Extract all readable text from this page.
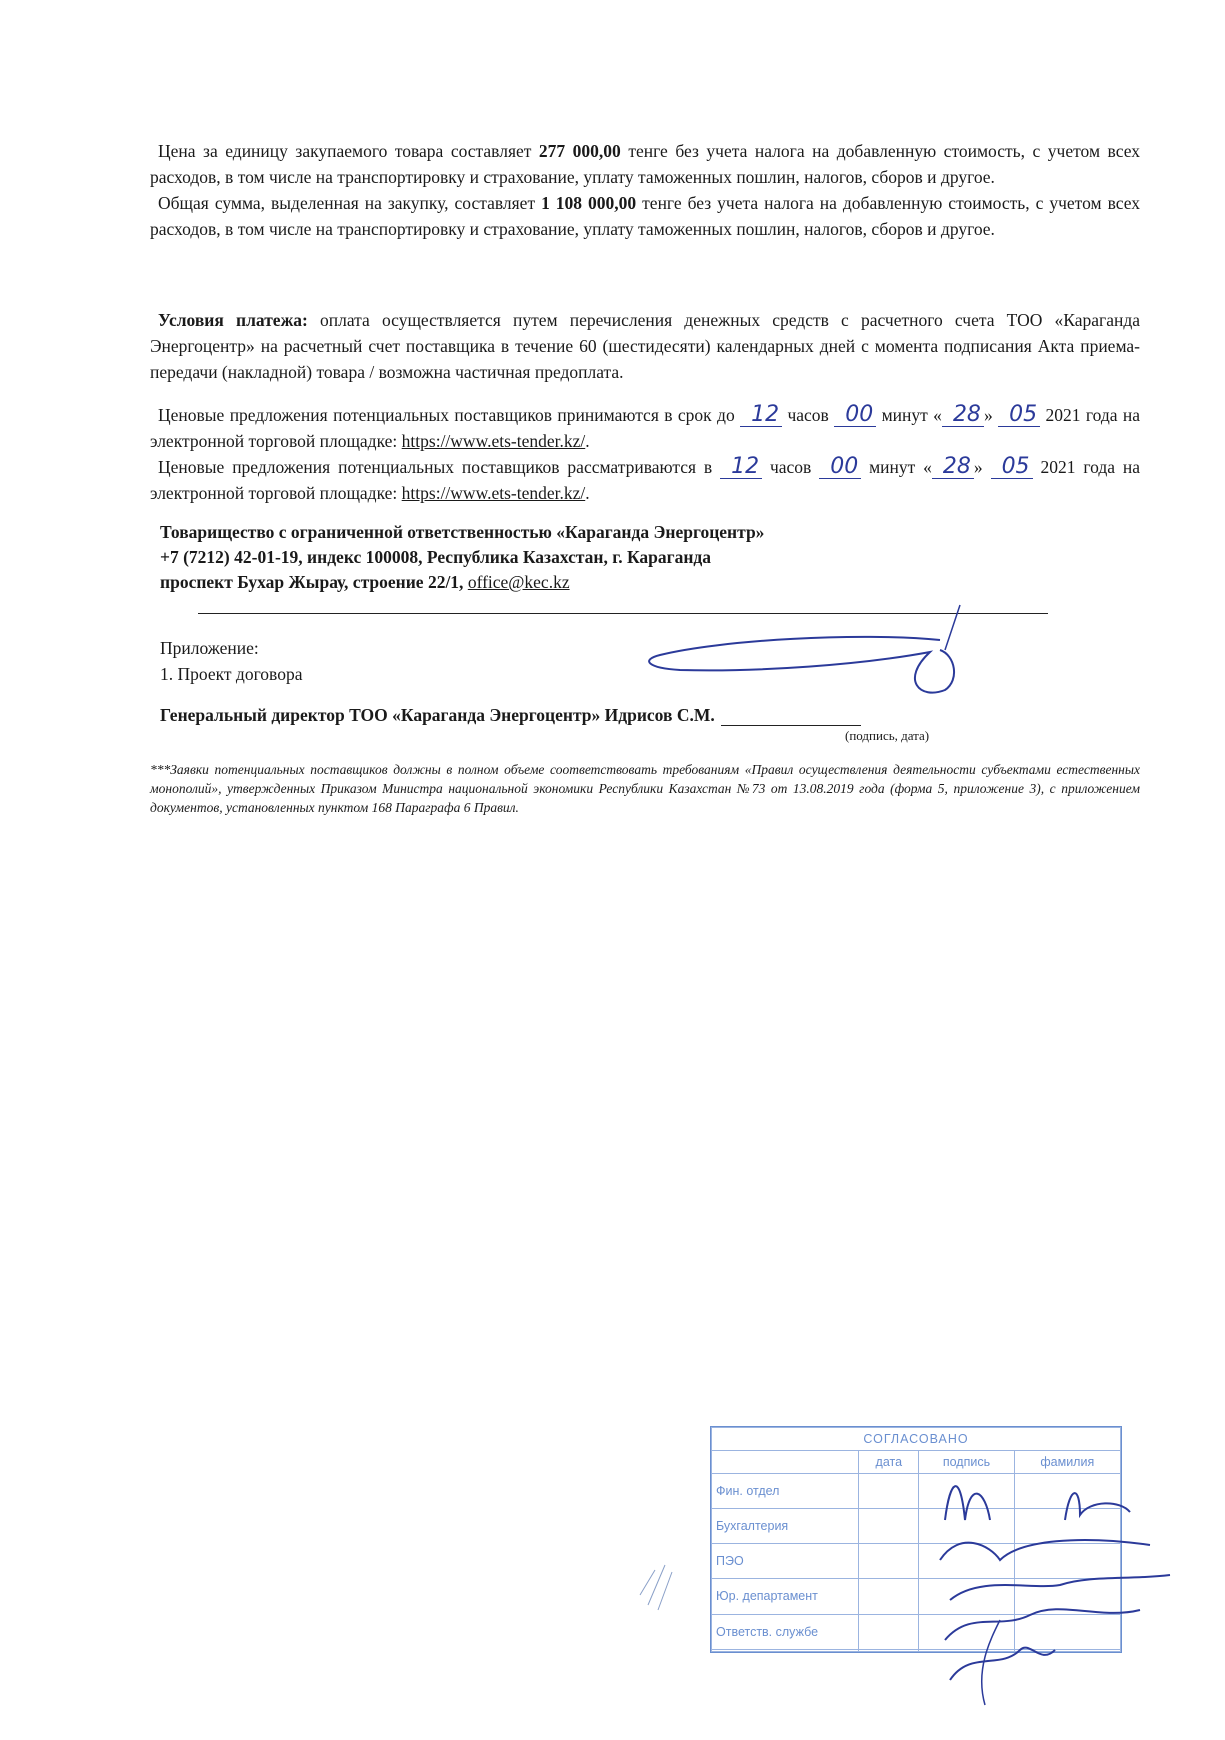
Цена за единицу закупаемого товара составляет 277 000,00 тенге без учета налога на добавленную стоимость, с учетом всех расходов, в том числе на транспортировку и страхование, уплату таможенных пошлин, налогов, сборов и другое.

Общая сумма, выделенная на закупку, составляет 1 108 000,00 тенге без учета налога на добавленную стоимость, с учетом всех расходов, в том числе на транспортировку и страхование, уплату таможенных пошлин, налогов, сборов и другое.

Условия платежа: оплата осуществляется путем перечисления денежных средств с расчетного счета ТОО «Караганда Энергоцентр» на расчетный счет поставщика в течение 60 (шестидесяти) календарных дней с момента подписания Акта приема-передачи (накладной) товара / возможна частичная предоплата.

Ценовые предложения потенциальных поставщиков принимаются в срок до 12 часов 00 минут « 28 » 05 2021 года на электронной торговой площадке: https://www.ets-tender.kz/.

Ценовые предложения потенциальных поставщиков рассматриваются в 12 часов 00 минут « 28 » 05 2021 года на электронной торговой площадке: https://www.ets-tender.kz/.

Товарищество с ограниченной ответственностью «Караганда Энергоцентр»
+7 (7212) 42-01-19, индекс 100008, Республика Казахстан, г. Караганда
проспект Бухар Жырау, строение 22/1, office@kec.kz
Приложение:
1. Проект договора
Генеральный директор ТОО «Караганда Энергоцентр» Идрисов С.М.
(подпись, дата)
***Заявки потенциальных поставщиков должны в полном объеме соответствовать требованиям «Правил осуществления деятельности субъектами естественных монополий», утвержденных Приказом Министра национальной экономики Республики Казахстан №73 от 13.08.2019 года (форма 5, приложение 3), с приложением документов, установленных пунктом 168 Параграфа 6 Правил.
СОГЛАСОВАНО			
	дата	подпись	фамилия
Фин. отдел			
Бухгалтерия			
ПЭО			
Юр. департамент			
Ответств. службе			
